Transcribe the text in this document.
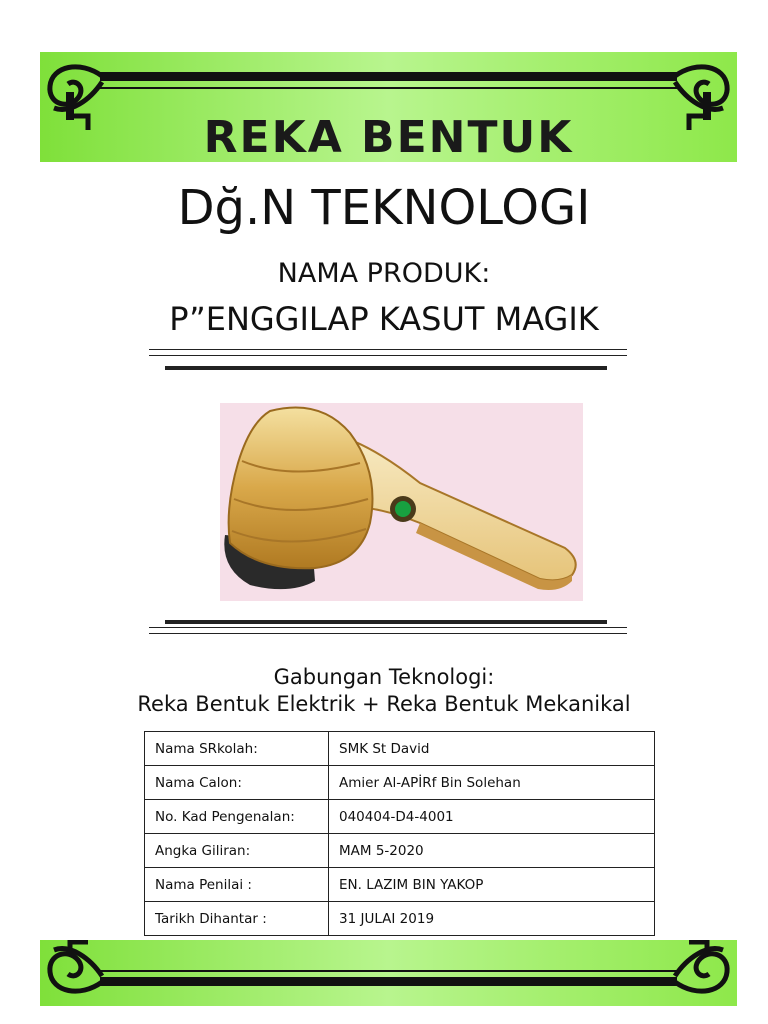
REKA BENTUK
Dğ.N TEKNOLOGI
NAMA PRODUK:
P”ENGGILAP KASUT MAGIK
Gabungan Teknologi:
Reka Bentuk Elektrik + Reka Bentuk Mekanikal
Nama SRkolah:	SMK St David
Nama Calon:	Amier Al-APİRf Bin Solehan
No. Kad Pengenalan:	040404-D4-4001
Angka Giliran:	MAM 5-2020
Nama Penilai :	EN. LAZIM BIN YAKOP
Tarikh Dihantar :	31 JULAI 2019
